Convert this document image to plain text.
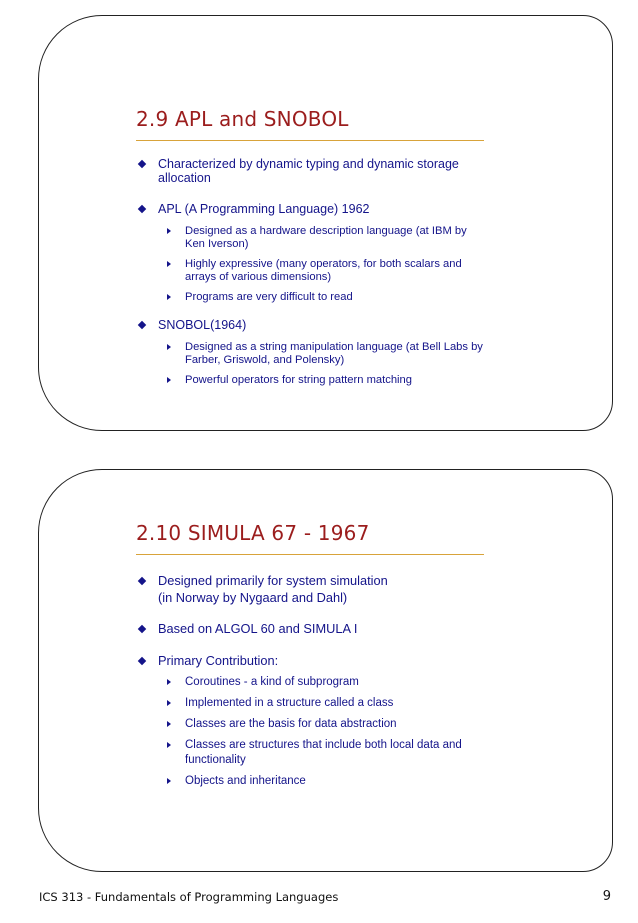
2.9 APL and SNOBOL
Characterized by dynamic typing and dynamic storage allocation
APL (A Programming Language) 1962
Designed as a hardware description language (at IBM by Ken Iverson)
Highly expressive (many operators, for both scalars and arrays of various dimensions)
Programs are very difficult to read
SNOBOL(1964)
Designed as a string manipulation language (at Bell Labs by Farber, Griswold, and Polensky)
Powerful operators for string pattern matching
2.10 SIMULA 67 - 1967
Designed primarily for system simulation
(in Norway by Nygaard and Dahl)
Based on ALGOL 60 and SIMULA I
Primary Contribution:
Coroutines - a kind of subprogram
Implemented in a structure called a class
Classes are the basis for data abstraction
Classes are structures that include both local data and functionality
Objects and inheritance
ICS 313 - Fundamentals of Programming Languages	9
